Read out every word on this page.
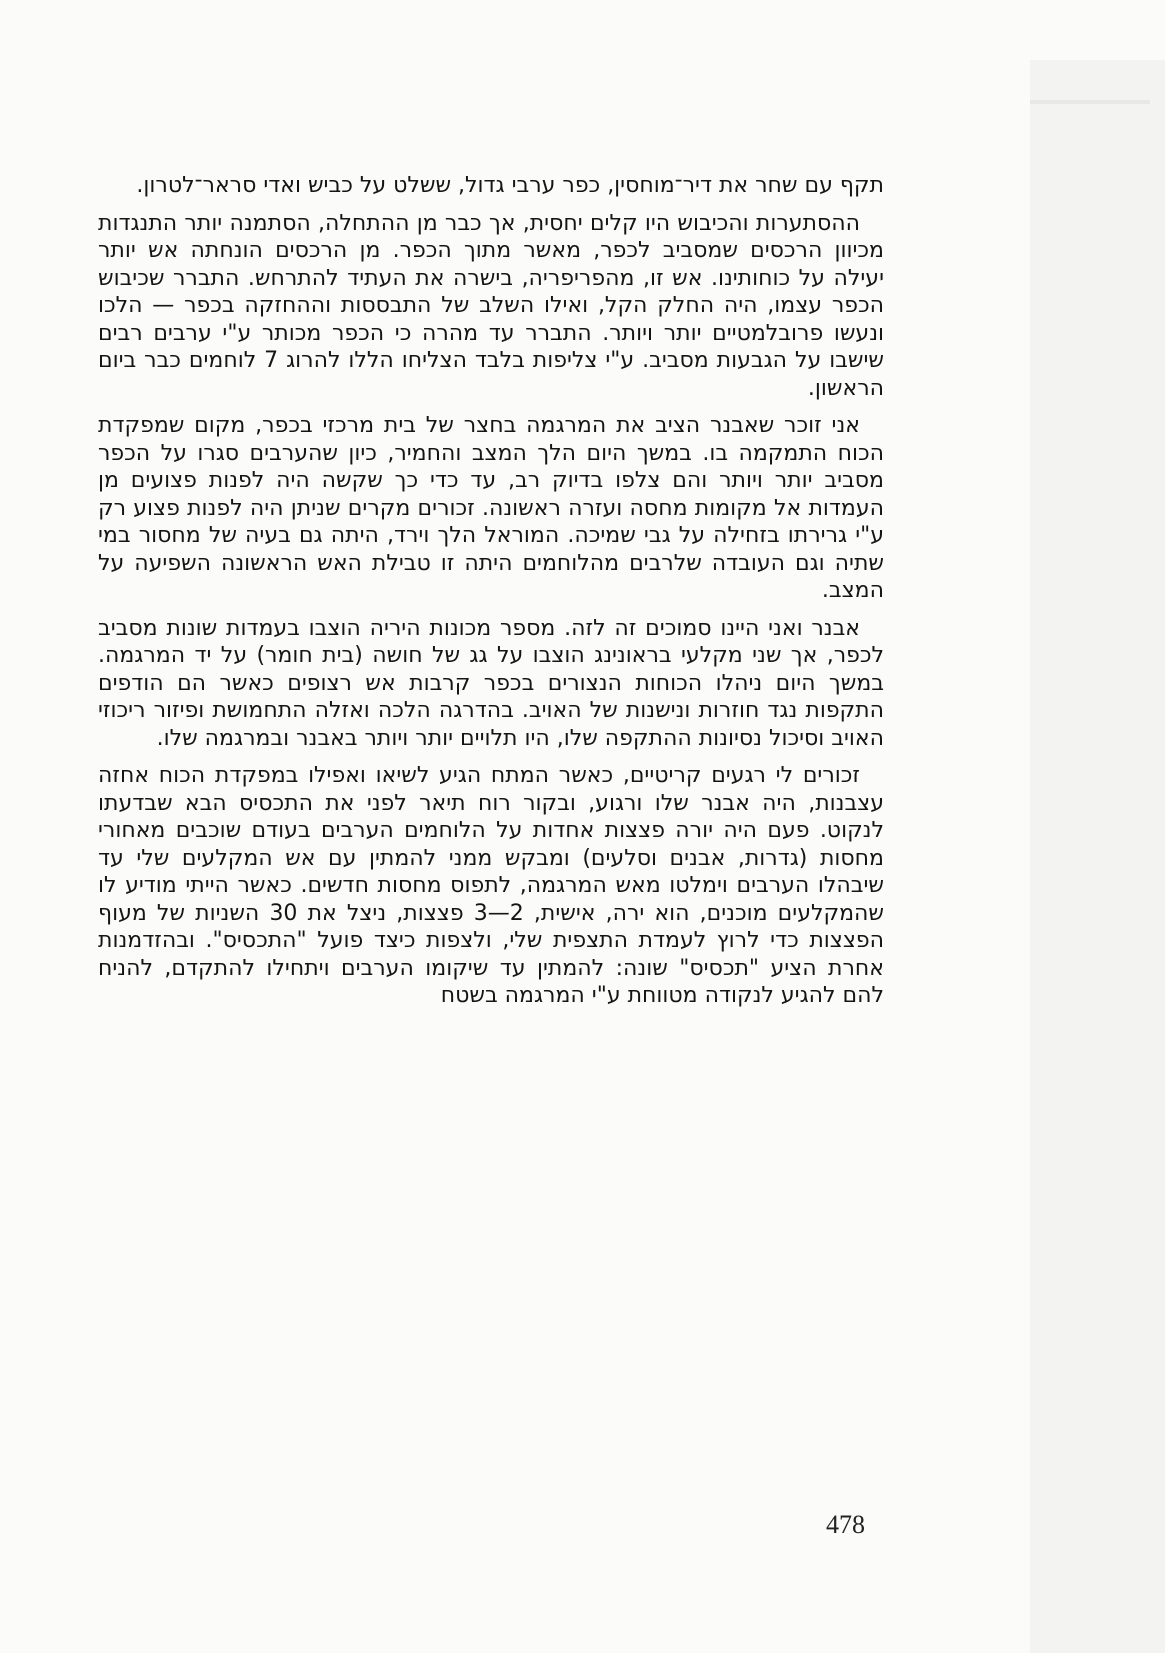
תקף עם שחר את דיר־מוחסין, כפר ערבי גדול, ששלט על כביש ואדי סראר־לטרון.

ההסתערות והכיבוש היו קלים יחסית, אך כבר מן ההתחלה, הסתמנה יותר התנגדות מכיוון הרכסים שמסביב לכפר, מאשר מתוך הכפר. מן הרכסים הונחתה אש יותר יעילה על כוחותינו. אש זו, מהפריפריה, בישרה את העתיד להתרחש. התברר שכיבוש הכפר עצמו, היה החלק הקל, ואילו השלב של התבססות וההחזקה בכפר — הלכו ונעשו פרובלמטיים יותר ויותר. התברר עד מהרה כי הכפר מכותר ע"י ערבים רבים שישבו על הגבעות מסביב. ע"י צליפות בלבד הצליחו הללו להרוג 7 לוחמים כבר ביום הראשון.

אני זוכר שאבנר הציב את המרגמה בחצר של בית מרכזי בכפר, מקום שמפקדת הכוח התמקמה בו. במשך היום הלך המצב והחמיר, כיון שהערבים סגרו על הכפר מסביב יותר ויותר והם צלפו בדיוק רב, עד כדי כך שקשה היה לפנות פצועים מן העמדות אל מקומות מחסה ועזרה ראשונה. זכורים מקרים שניתן היה לפנות פצוע רק ע"י גרירתו בזחילה על גבי שמיכה. המוראל הלך וירד, היתה גם בעיה של מחסור במי שתיה וגם העובדה שלרבים מהלוחמים היתה זו טבילת האש הראשונה השפיעה על המצב.

אבנר ואני היינו סמוכים זה לזה. מספר מכונות היריה הוצבו בעמדות שונות מסביב לכפר, אך שני מקלעי בראונינג הוצבו על גג של חושה (בית חומר) על יד המרגמה. במשך היום ניהלו הכוחות הנצורים בכפר קרבות אש רצופים כאשר הם הודפים התקפות נגד חוזרות ונישנות של האויב. בהדרגה הלכה ואזלה התחמושת ופיזור ריכוזי האויב וסיכול נסיונות ההתקפה שלו, היו תלויים יותר ויותר באבנר ובמרגמה שלו.

זכורים לי רגעים קריטיים, כאשר המתח הגיע לשיאו ואפילו במפקדת הכוח אחזה עצבנות, היה אבנר שלו ורגוע, ובקור רוח תיאר לפני את התכסיס הבא שבדעתו לנקוט. פעם היה יורה פצצות אחדות על הלוחמים הערבים בעודם שוכבים מאחורי מחסות (גדרות, אבנים וסלעים) ומבקש ממני להמתין עם אש המקלעים שלי עד שיבהלו הערבים וימלטו מאש המרגמה, לתפוס מחסות חדשים. כאשר הייתי מודיע לו שהמקלעים מוכנים, הוא ירה, אישית, 2—3 פצצות, ניצל את 30 השניות של מעוף הפצצות כדי לרוץ לעמדת התצפית שלי, ולצפות כיצד פועל "התכסיס". ובהזדמנות אחרת הציע "תכסיס" שונה: להמתין עד שיקומו הערבים ויתחילו להתקדם, להניח להם להגיע לנקודה מטווחת ע"י המרגמה בשטח

478
